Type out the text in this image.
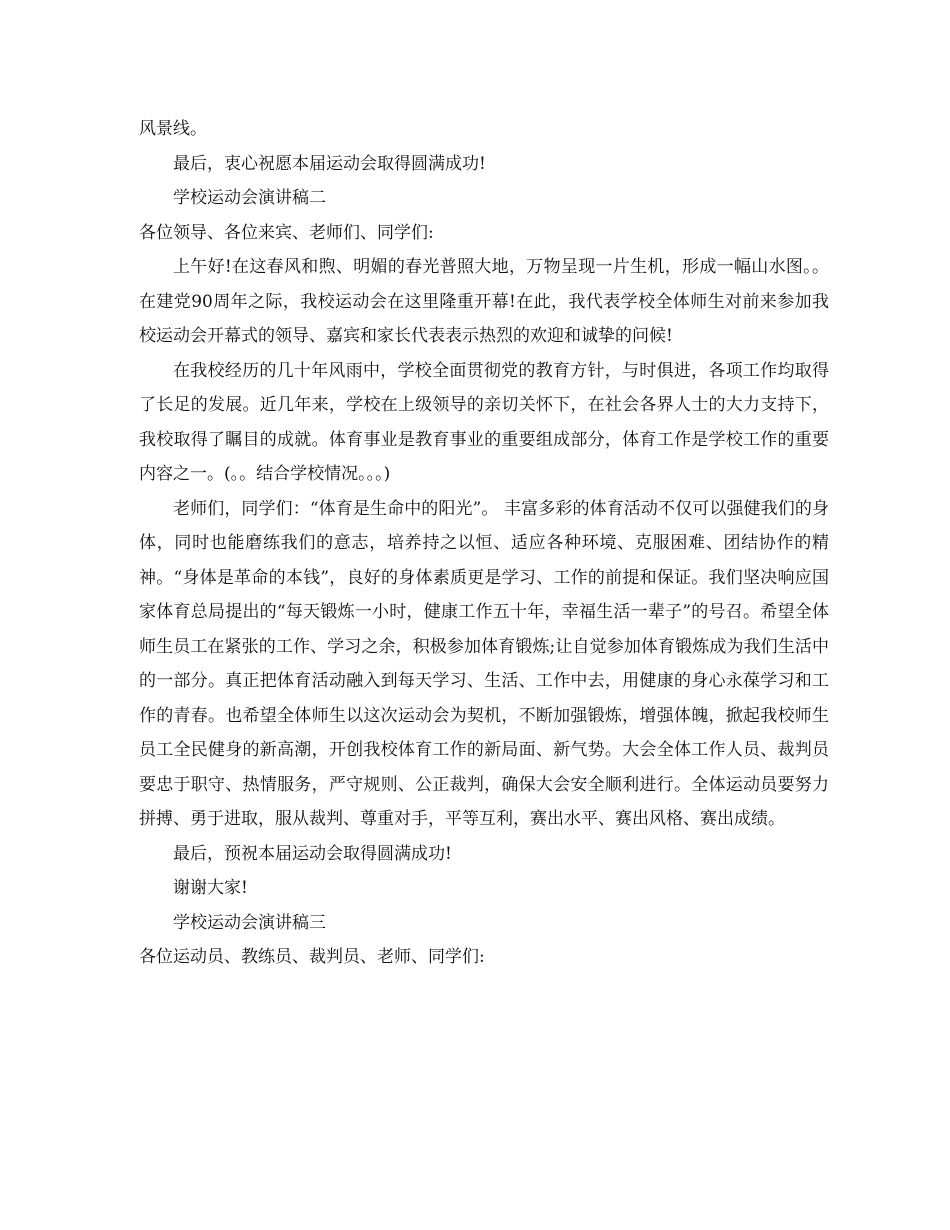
风景线。

最后，衷心祝愿本届运动会取得圆满成功!

学校运动会演讲稿二

各位领导、各位来宾、老师们、同学们:

上午好!在这春风和煦、明媚的春光普照大地，万物呈现一片生机，形成一幅山水图。。在建党90周年之际，我校运动会在这里隆重开幕!在此，我代表学校全体师生对前来参加我校运动会开幕式的领导、嘉宾和家长代表表示热烈的欢迎和诚挚的问候!

在我校经历的几十年风雨中，学校全面贯彻党的教育方针，与时俱进，各项工作均取得了长足的发展。近几年来，学校在上级领导的亲切关怀下，在社会各界人士的大力支持下，我校取得了瞩目的成就。体育事业是教育事业的重要组成部分，体育工作是学校工作的重要内容之一。(。。结合学校情况。。。)

老师们，同学们：“体育是生命中的阳光”。 丰富多彩的体育活动不仅可以强健我们的身体，同时也能磨练我们的意志，培养持之以恒、适应各种环境、克服困难、团结协作的精神。“身体是革命的本钱”，良好的身体素质更是学习、工作的前提和保证。我们坚决响应国家体育总局提出的“每天锻炼一小时，健康工作五十年，幸福生活一辈子”的号召。希望全体师生员工在紧张的工作、学习之余，积极参加体育锻炼;让自觉参加体育锻炼成为我们生活中的一部分。真正把体育活动融入到每天学习、生活、工作中去，用健康的身心永葆学习和工作的青春。也希望全体师生以这次运动会为契机，不断加强锻炼，增强体魄，掀起我校师生员工全民健身的新高潮，开创我校体育工作的新局面、新气势。大会全体工作人员、裁判员要忠于职守、热情服务，严守规则、公正裁判，确保大会安全顺利进行。全体运动员要努力拼搏、勇于进取，服从裁判、尊重对手，平等互利，赛出水平、赛出风格、赛出成绩。

最后，预祝本届运动会取得圆满成功!

谢谢大家!

学校运动会演讲稿三

各位运动员、教练员、裁判员、老师、同学们:
